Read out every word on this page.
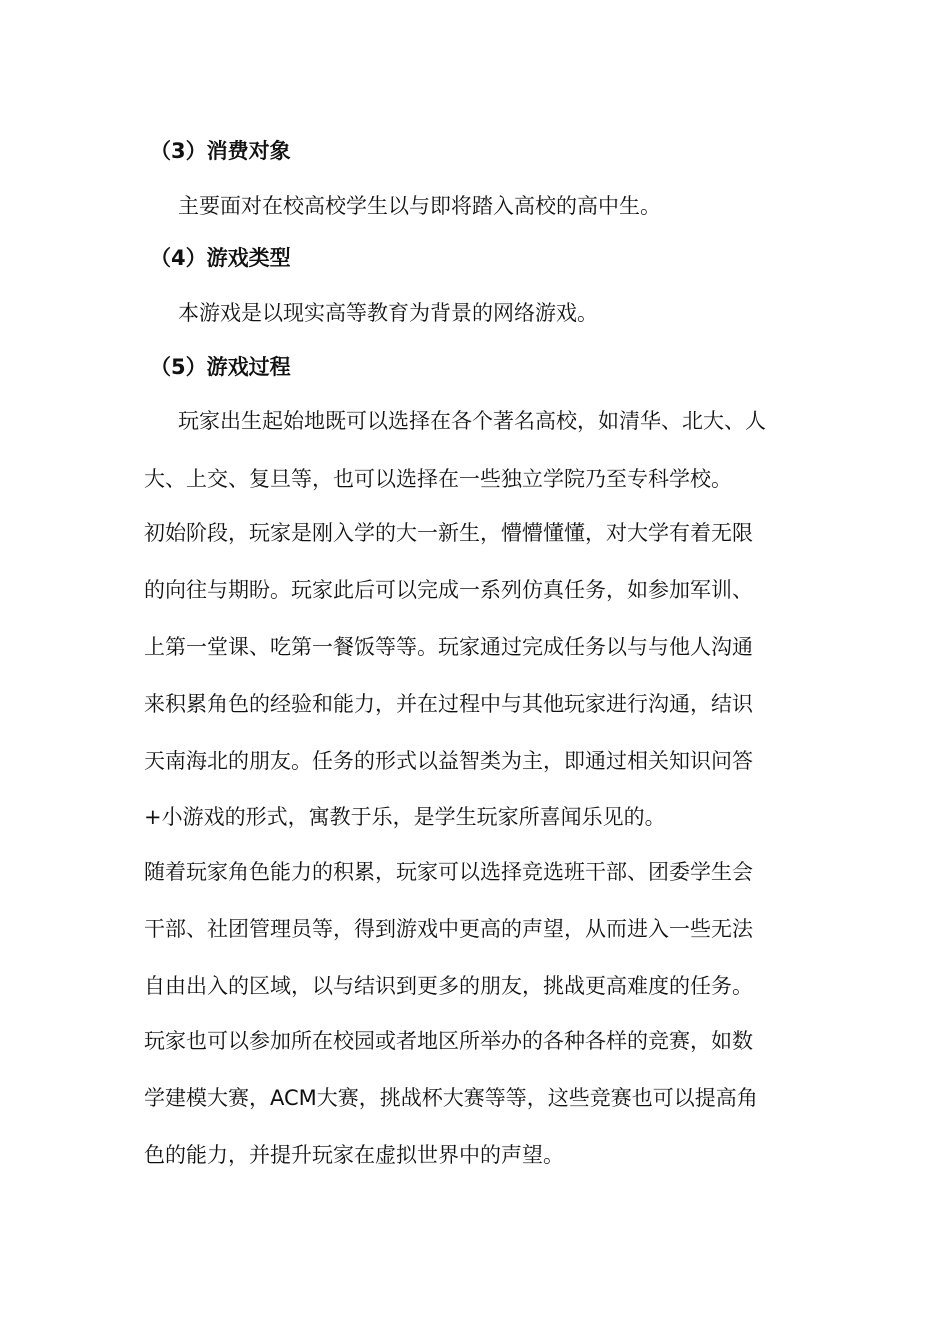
（3）消费对象
主要面对在校高校学生以与即将踏入高校的高中生。
（4）游戏类型
本游戏是以现实高等教育为背景的网络游戏。
（5）游戏过程
玩家出生起始地既可以选择在各个著名高校，如清华、北大、人
大、上交、复旦等，也可以选择在一些独立学院乃至专科学校。
初始阶段，玩家是刚入学的大一新生，懵懵懂懂，对大学有着无限
的向往与期盼。玩家此后可以完成一系列仿真任务，如参加军训、
上第一堂课、吃第一餐饭等等。玩家通过完成任务以与与他人沟通
来积累角色的经验和能力，并在过程中与其他玩家进行沟通，结识
天南海北的朋友。任务的形式以益智类为主，即通过相关知识问答
+小游戏的形式，寓教于乐，是学生玩家所喜闻乐见的。
随着玩家角色能力的积累，玩家可以选择竞选班干部、团委学生会
干部、社团管理员等，得到游戏中更高的声望，从而进入一些无法
自由出入的区域，以与结识到更多的朋友，挑战更高难度的任务。
玩家也可以参加所在校园或者地区所举办的各种各样的竞赛，如数
学建模大赛，ACM大赛，挑战杯大赛等等，这些竞赛也可以提高角
色的能力，并提升玩家在虚拟世界中的声望。
